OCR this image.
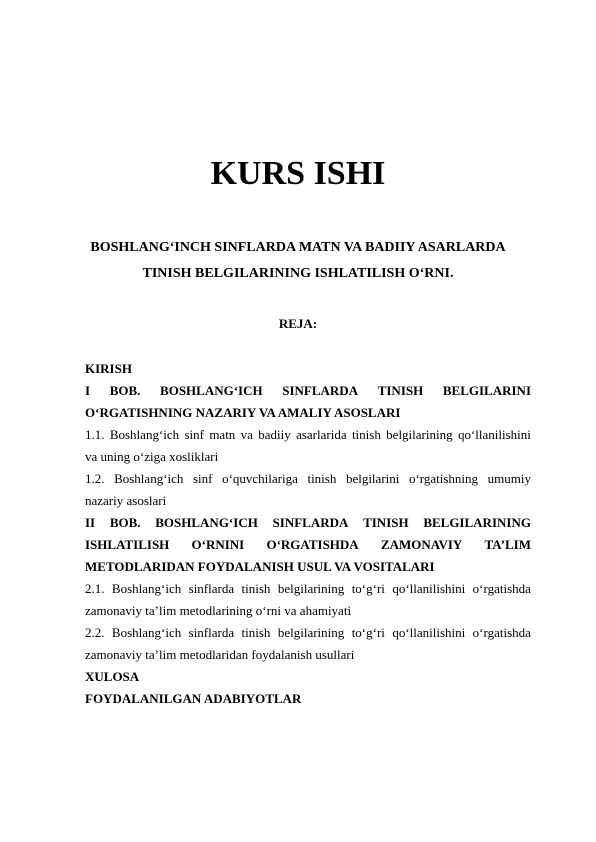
KURS ISHI
BOSHLANG‘INCH SINFLARDA MATN VA BADIIY ASARLARDA
TINISH BELGILARINING ISHLATILISH O‘RNI.
REJA:
KIRISH
I BOB. BOSHLANG‘ICH SINFLARDA TINISH BELGILARINI
O‘RGATISHNING NAZARIY VA AMALIY ASOSLARI
1.1. Boshlang‘ich sinf matn va badiiy asarlarida tinish belgilarining qo‘llanilishini
va uning o‘ziga xosliklari
1.2. Boshlang‘ich sinf o‘quvchilariga tinish belgilarini o‘rgatishning umumiy
nazariy asoslari
II BOB. BOSHLANG‘ICH SINFLARDA TINISH BELGILARINING
ISHLATILISH O‘RNINI O‘RGATISHDA ZAMONAVIY TA’LIM
METODLARIDAN FOYDALANISH USUL VA VOSITALARI
2.1. Boshlang‘ich sinflarda tinish belgilarining to‘g‘ri qo‘llanilishini o‘rgatishda
zamonaviy ta’lim metodlarining o‘rni va ahamiyati
2.2. Boshlang‘ich sinflarda tinish belgilarining to‘g‘ri qo‘llanilishini o‘rgatishda
zamonaviy ta’lim metodlaridan foydalanish usullari
XULOSA
FOYDALANILGAN ADABIYOTLAR
